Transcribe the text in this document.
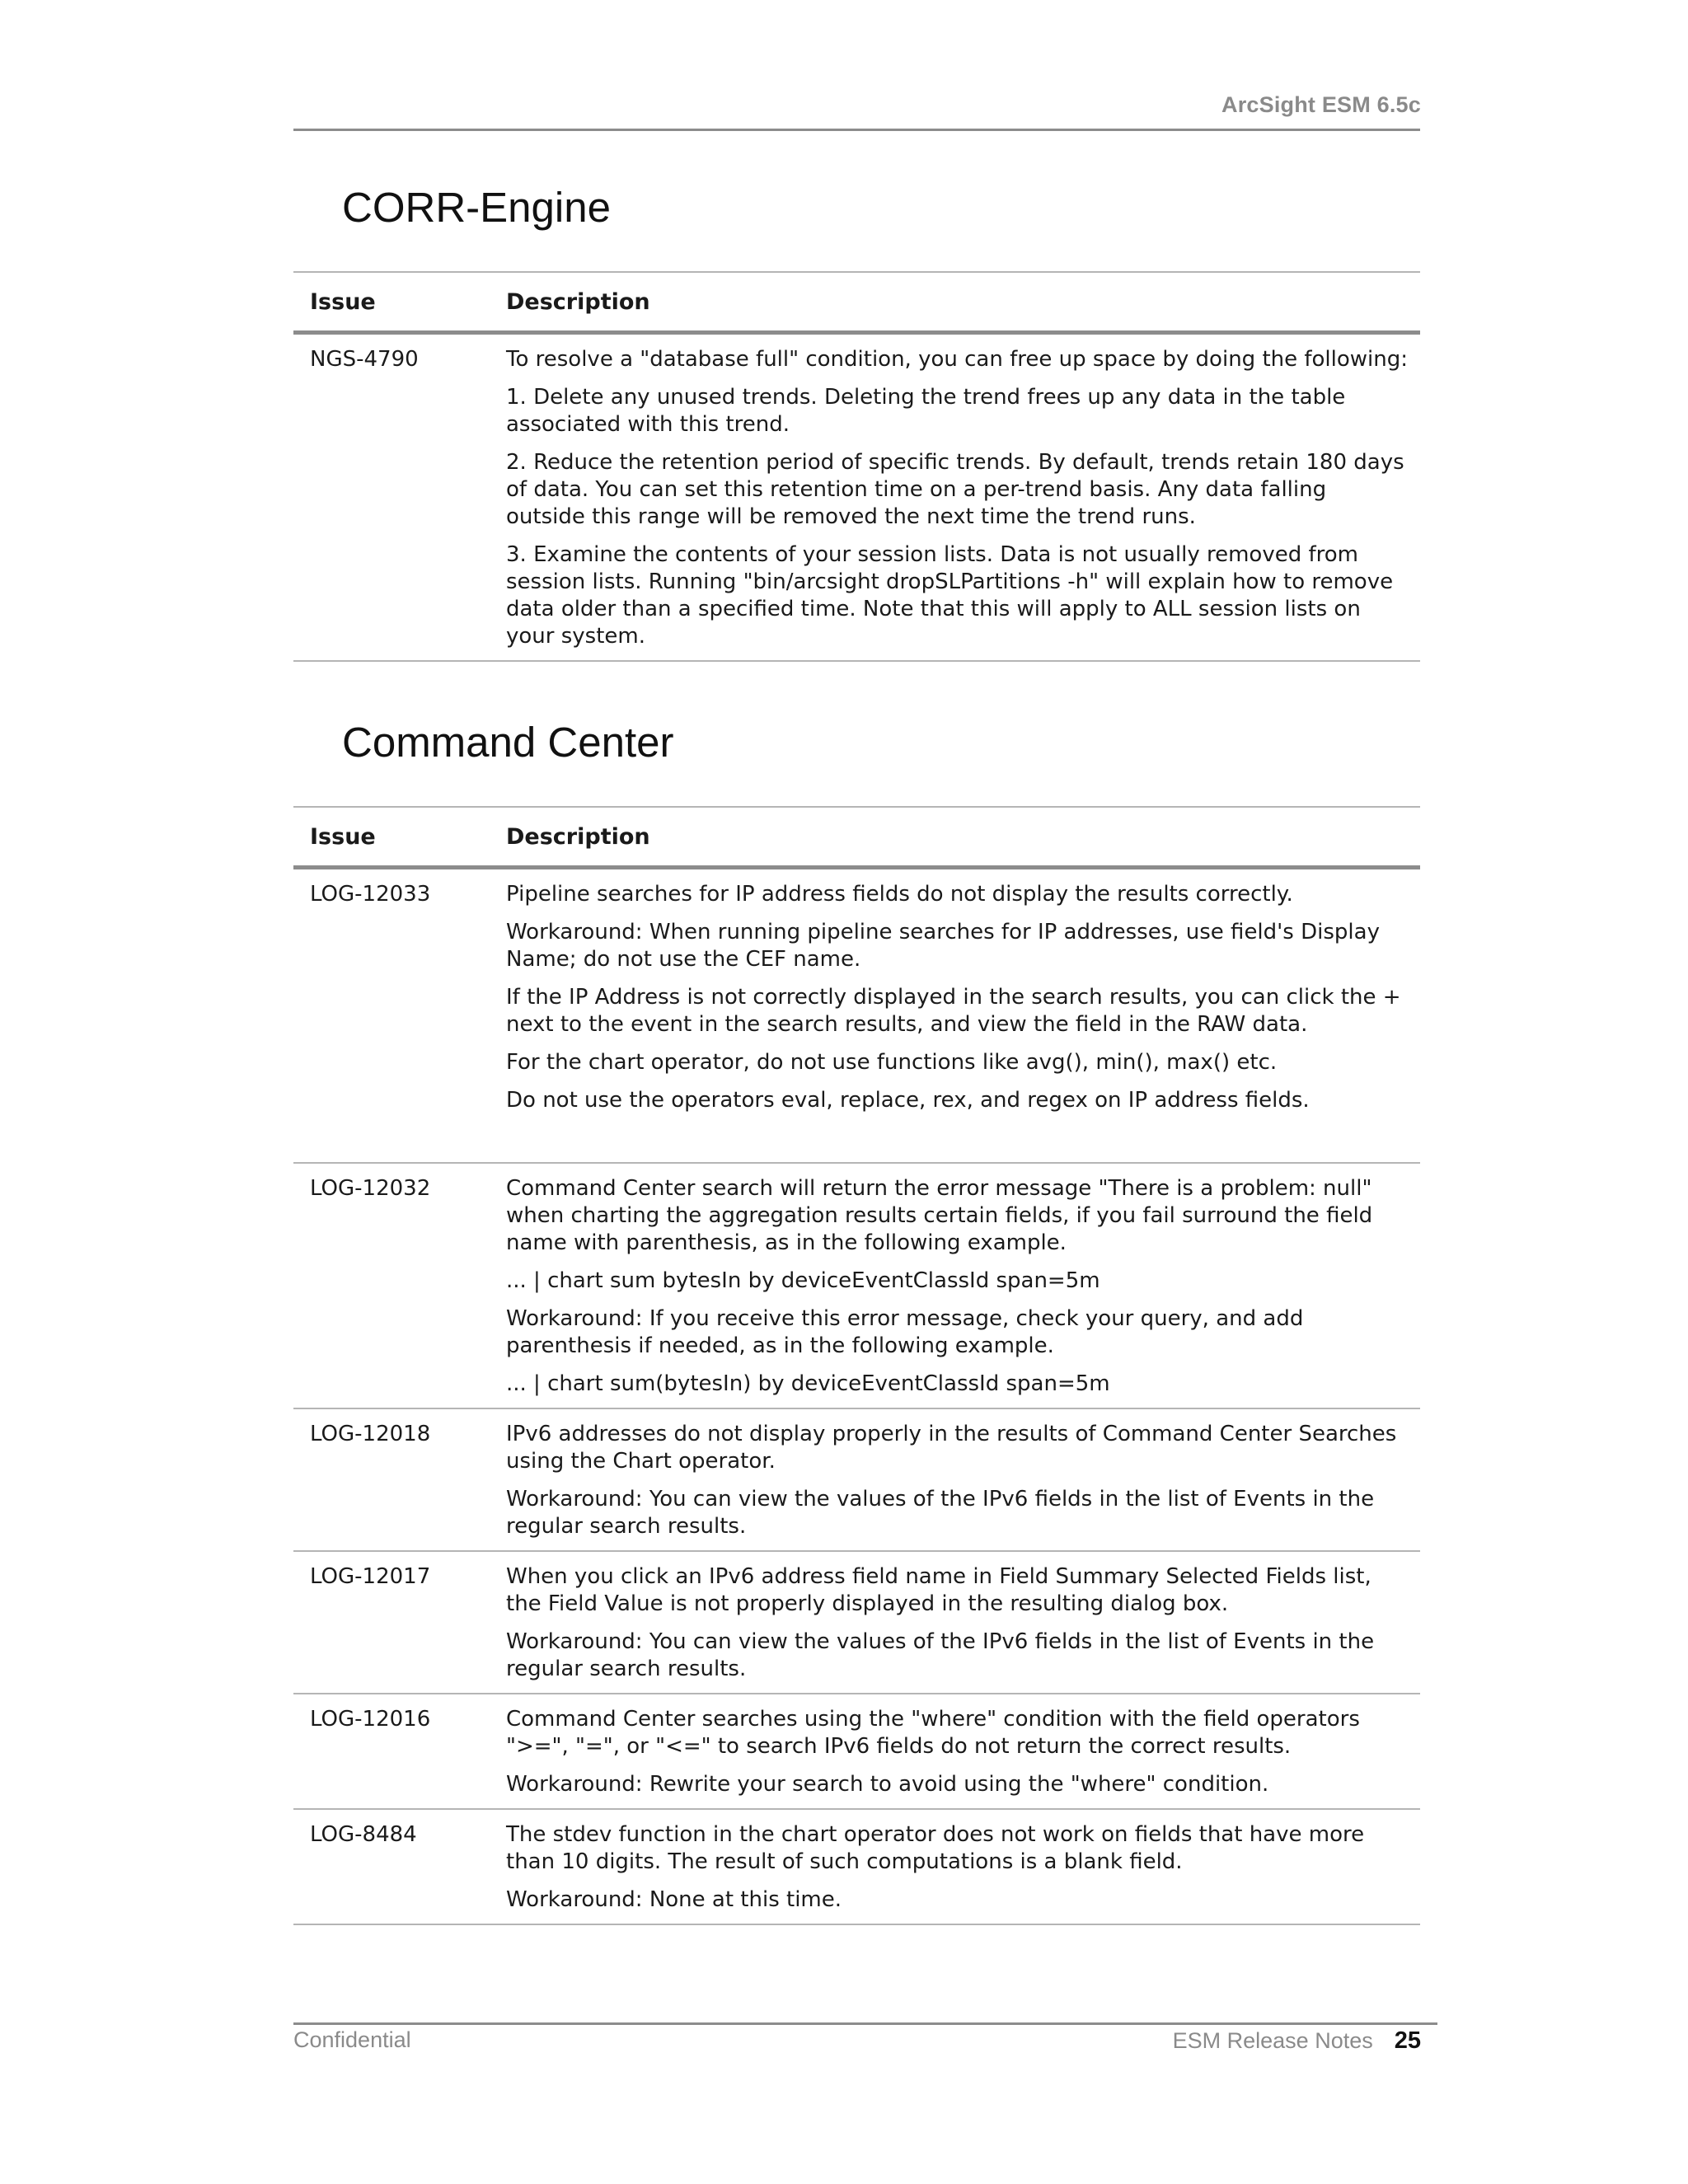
ArcSight ESM 6.5c
CORR-Engine
Issue	Description
NGS-4790	To resolve a "database full" condition, you can free up space by doing the following:

1. Delete any unused trends. Deleting the trend frees up any data in the table associated with this trend.

2. Reduce the retention period of specific trends. By default, trends retain 180 days of data. You can set this retention time on a per-trend basis. Any data falling outside this range will be removed the next time the trend runs.

3. Examine the contents of your session lists. Data is not usually removed from session lists. Running "bin/arcsight dropSLPartitions -h" will explain how to remove data older than a specified time. Note that this will apply to ALL session lists on your system.

Command Center
Issue	Description
LOG-12033	Pipeline searches for IP address fields do not display the results correctly.

Workaround: When running pipeline searches for IP addresses, use field's Display Name; do not use the CEF name.

If the IP Address is not correctly displayed in the search results, you can click the + next to the event in the search results, and view the field in the RAW data.

For the chart operator, do not use functions like avg(), min(), max() etc.

Do not use the operators eval, replace, rex, and regex on IP address fields.

LOG-12032	Command Center search will return the error message "There is a problem: null" when charting the aggregation results certain fields, if you fail surround the field name with parenthesis, as in the following example.

... | chart sum bytesIn by deviceEventClassId span=5m

Workaround: If you receive this error message, check your query, and add parenthesis if needed, as in the following example.

... | chart sum(bytesIn) by deviceEventClassId span=5m

LOG-12018	IPv6 addresses do not display properly in the results of Command Center Searches using the Chart operator.

Workaround: You can view the values of the IPv6 fields in the list of Events in the regular search results.

LOG-12017	When you click an IPv6 address field name in Field Summary Selected Fields list, the Field Value is not properly displayed in the resulting dialog box.

Workaround: You can view the values of the IPv6 fields in the list of Events in the regular search results.

LOG-12016	Command Center searches using the "where" condition with the field operators ">=", "=", or "<=" to search IPv6 fields do not return the correct results.

Workaround: Rewrite your search to avoid using the "where" condition.

LOG-8484	The stdev function in the chart operator does not work on fields that have more than 10 digits. The result of such computations is a blank field.

Workaround: None at this time.

Confidential	ESM Release Notes 25
